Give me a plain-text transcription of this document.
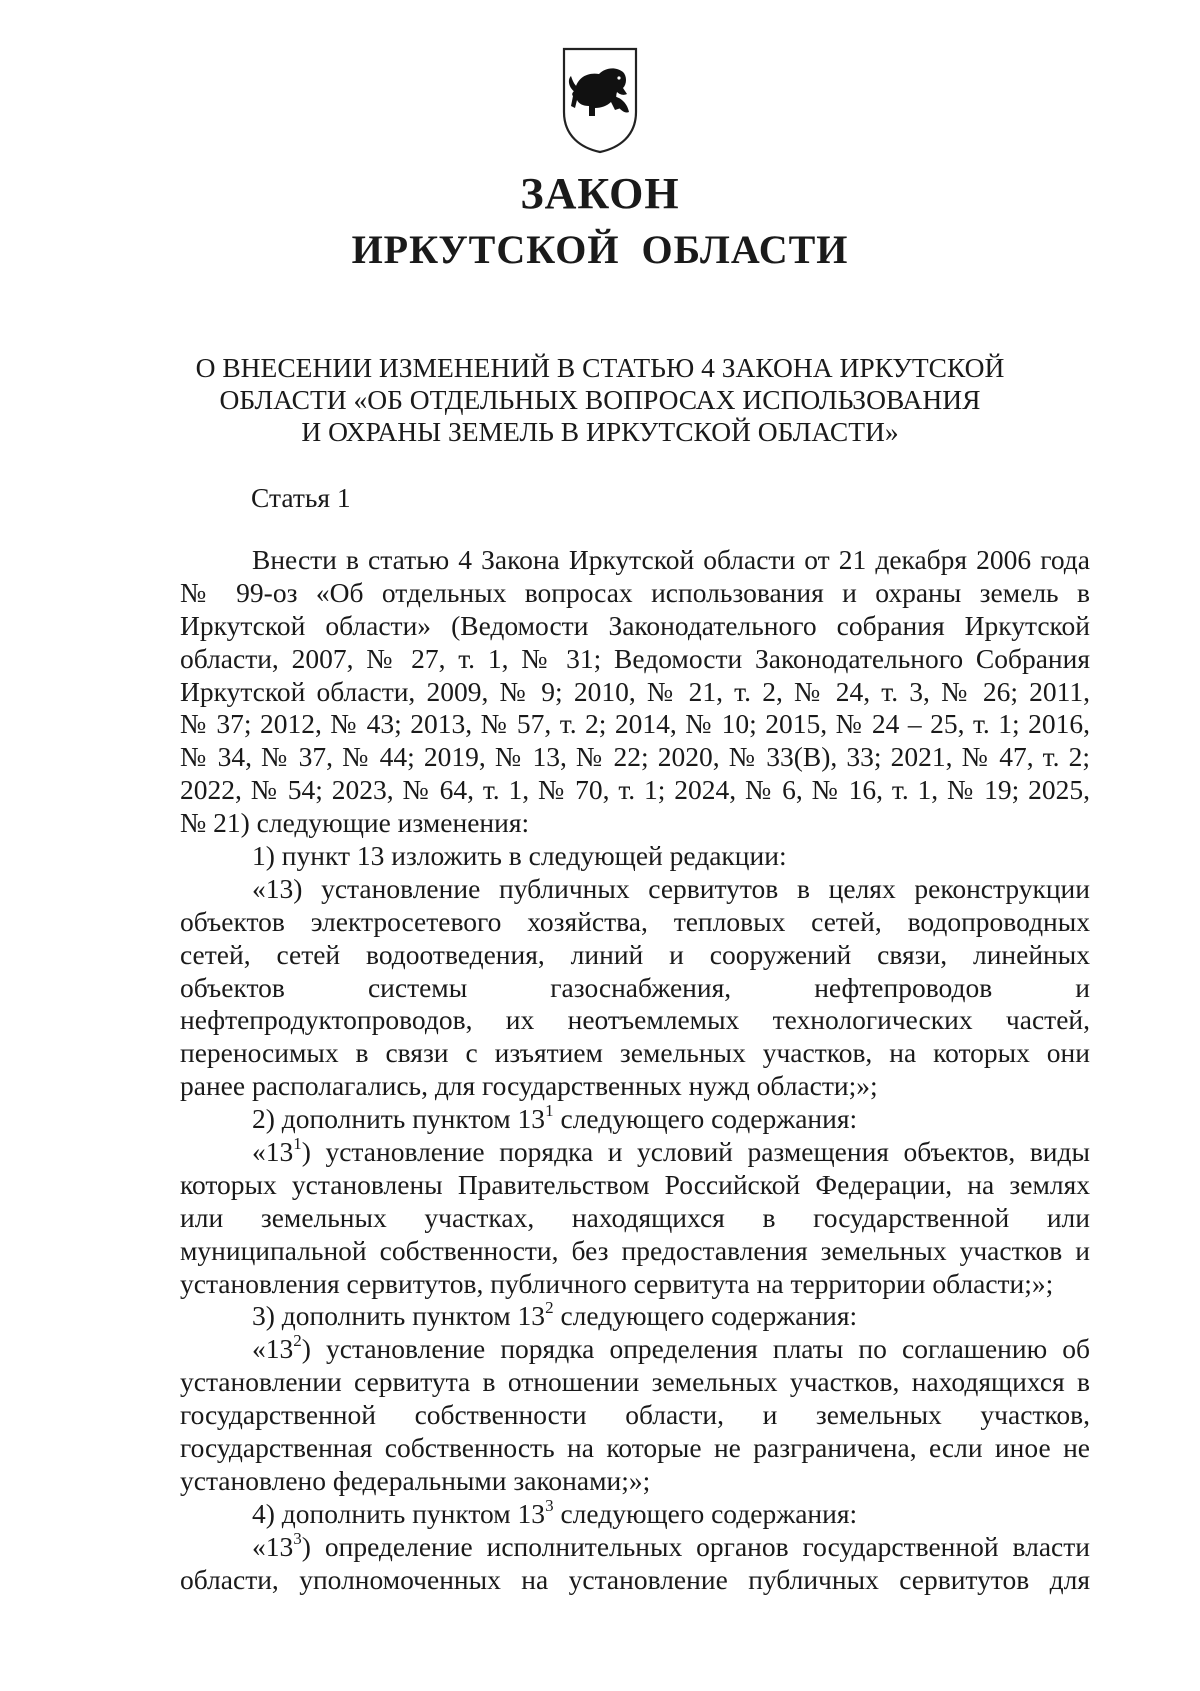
ЗАКОН
ИРКУТСКОЙ ОБЛАСТИ
О ВНЕСЕНИИ ИЗМЕНЕНИЙ В СТАТЬЮ 4 ЗАКОНА ИРКУТСКОЙ
ОБЛАСТИ «ОБ ОТДЕЛЬНЫХ ВОПРОСАХ ИСПОЛЬЗОВАНИЯ
И ОХРАНЫ ЗЕМЕЛЬ В ИРКУТСКОЙ ОБЛАСТИ»
Статья 1
Внести в статью 4 Закона Иркутской области от 21 декабря 2006 года
№ 99-оз «Об отдельных вопросах использования и охраны земель в
Иркутской области» (Ведомости Законодательного собрания Иркутской
области, 2007, № 27, т. 1, № 31; Ведомости Законодательного Собрания
Иркутской области, 2009, № 9; 2010, № 21, т. 2, № 24, т. 3, № 26; 2011,
№ 37; 2012, № 43; 2013, № 57, т. 2; 2014, № 10; 2015, № 24 – 25, т. 1; 2016,
№ 34, № 37, № 44; 2019, № 13, № 22; 2020, № 33(В), 33; 2021, № 47, т. 2;
2022, № 54; 2023, № 64, т. 1, № 70, т. 1; 2024, № 6, № 16, т. 1, № 19; 2025,
№ 21) следующие изменения:
1) пункт 13 изложить в следующей редакции:
«13) установление публичных сервитутов в целях реконструкции
объектов электросетевого хозяйства, тепловых сетей, водопроводных
сетей, сетей водоотведения, линий и сооружений связи, линейных
объектов системы газоснабжения, нефтепроводов и
нефтепродуктопроводов, их неотъемлемых технологических частей,
переносимых в связи с изъятием земельных участков, на которых они
ранее располагались, для государственных нужд области;»;
2) дополнить пунктом $13^1$ следующего содержания:
«$13^1$) установление порядка и условий размещения объектов, виды
которых установлены Правительством Российской Федерации, на землях
или земельных участках, находящихся в государственной или
муниципальной собственности, без предоставления земельных участков и
установления сервитутов, публичного сервитута на территории области;»;
3) дополнить пунктом $13^2$ следующего содержания:
«$13^2$) установление порядка определения платы по соглашению об
установлении сервитута в отношении земельных участков, находящихся в
государственной собственности области, и земельных участков,
государственная собственность на которые не разграничена, если иное не
установлено федеральными законами;»;
4) дополнить пунктом $13^3$ следующего содержания:
«$13^3$) определение исполнительных органов государственной власти
области, уполномоченных на установление публичных сервитутов для
